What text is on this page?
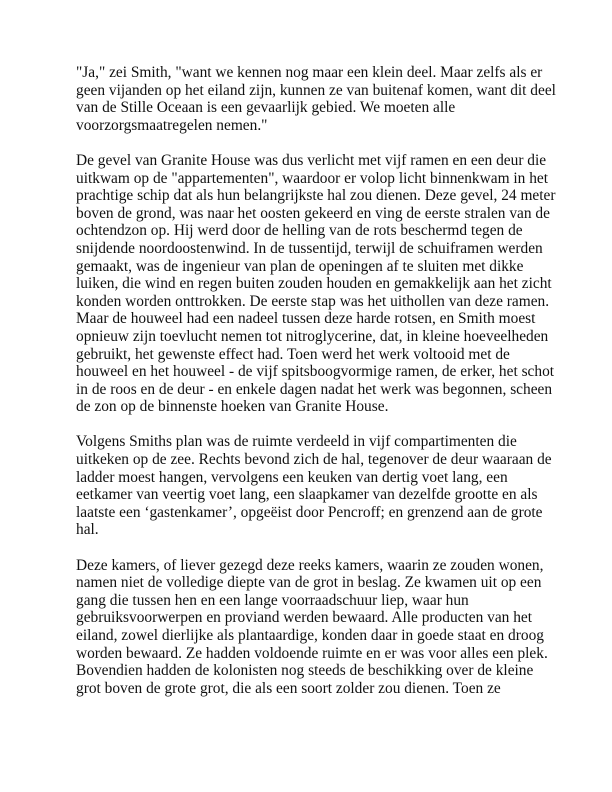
"Ja," zei Smith, "want we kennen nog maar een klein deel. Maar zelfs als er geen vijanden op het eiland zijn, kunnen ze van buitenaf komen, want dit deel van de Stille Oceaan is een gevaarlijk gebied. We moeten alle voorzorgsmaatregelen nemen."

De gevel van Granite House was dus verlicht met vijf ramen en een deur die uitkwam op de "appartementen", waardoor er volop licht binnenkwam in het prachtige schip dat als hun belangrijkste hal zou dienen. Deze gevel, 24 meter boven de grond, was naar het oosten gekeerd en ving de eerste stralen van de ochtendzon op. Hij werd door de helling van de rots beschermd tegen de snijdende noordoostenwind. In de tussentijd, terwijl de schuiframen werden gemaakt, was de ingenieur van plan de openingen af te sluiten met dikke luiken, die wind en regen buiten zouden houden en gemakkelijk aan het zicht konden worden onttrokken. De eerste stap was het uithollen van deze ramen. Maar de houweel had een nadeel tussen deze harde rotsen, en Smith moest opnieuw zijn toevlucht nemen tot nitroglycerine, dat, in kleine hoeveelheden gebruikt, het gewenste effect had. Toen werd het werk voltooid met de houweel en het houweel - de vijf spitsboogvormige ramen, de erker, het schot in de roos en de deur - en enkele dagen nadat het werk was begonnen, scheen de zon op de binnenste hoeken van Granite House.

Volgens Smiths plan was de ruimte verdeeld in vijf compartimenten die uitkeken op de zee. Rechts bevond zich de hal, tegenover de deur waaraan de ladder moest hangen, vervolgens een keuken van dertig voet lang, een eetkamer van veertig voet lang, een slaapkamer van dezelfde grootte en als laatste een ‘gastenkamer’, opgeëist door Pencroff; en grenzend aan de grote hal.

Deze kamers, of liever gezegd deze reeks kamers, waarin ze zouden wonen, namen niet de volledige diepte van de grot in beslag. Ze kwamen uit op een gang die tussen hen en een lange voorraadschuur liep, waar hun gebruiksvoorwerpen en proviand werden bewaard. Alle producten van het eiland, zowel dierlijke als plantaardige, konden daar in goede staat en droog worden bewaard. Ze hadden voldoende ruimte en er was voor alles een plek. Bovendien hadden de kolonisten nog steeds de beschikking over de kleine grot boven de grote grot, die als een soort zolder zou dienen. Toen ze
